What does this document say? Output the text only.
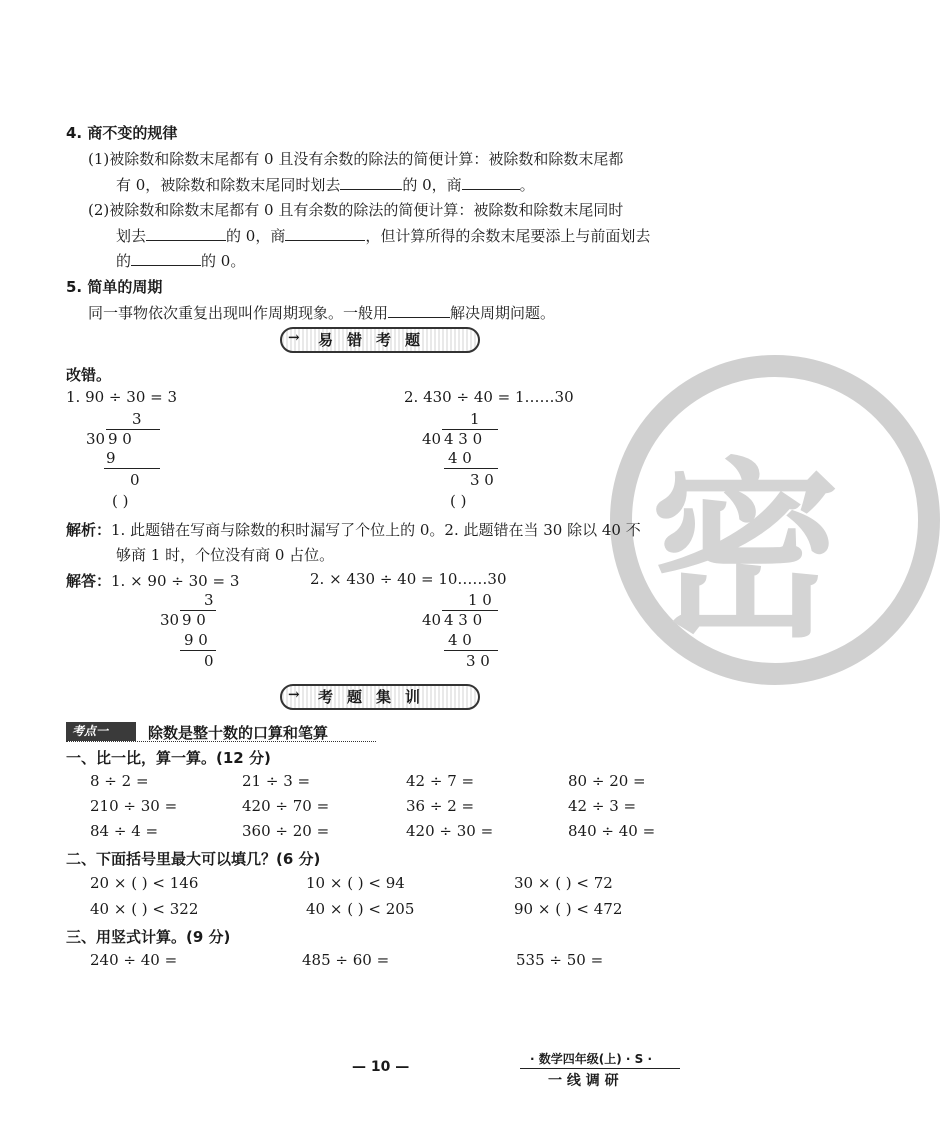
密
4. 商不变的规律
(1)被除数和除数末尾都有 0 且没有余数的除法的简便计算：被除数和除数末尾都
有 0，被除数和除数末尾同时划去	的 0，商	。
(2)被除数和除数末尾都有 0 且有余数的除法的简便计算：被除数和除数末尾同时
划去	的 0，商	，但计算所得的余数末尾要添上与前面划去
的	的 0。
5. 简单的周期
同一事物依次重复出现叫作周期现象。一般用	解决周期问题。
→ 易错考题
改错。
1. 90 ÷ 30 = 3
3
30 9 0
9
0
( )
2. 430 ÷ 40 = 1……30
1
40 4 3 0
4 0
3 0
( )
解析：1. 此题错在写商与除数的积时漏写了个位上的 0。2. 此题错在当 30 除以 40 不
够商 1 时，个位没有商 0 占位。
解答：1. × 90 ÷ 30 = 3	2. × 430 ÷ 40 = 10……30
3
30 9 0
9 0
0
1 0
40 4 3 0
4 0
3 0
→ 考题集训
考点一	除数是整十数的口算和笔算
一、比一比，算一算。(12 分)
8 ÷ 2 =	21 ÷ 3 =	42 ÷ 7 =	80 ÷ 20 =
210 ÷ 30 =	420 ÷ 70 =	36 ÷ 2 =	42 ÷ 3 =
84 ÷ 4 =	360 ÷ 20 =	420 ÷ 30 =	840 ÷ 40 =
二、下面括号里最大可以填几？(6 分)
20 × ( ) < 146	10 × ( ) < 94	30 × ( ) < 72
40 × ( ) < 322	40 × ( ) < 205	90 × ( ) < 472
三、用竖式计算。(9 分)
240 ÷ 40 =	485 ÷ 60 =	535 ÷ 50 =
— 10 —	· 数学四年级(上) · S ·
一 线 调 研
